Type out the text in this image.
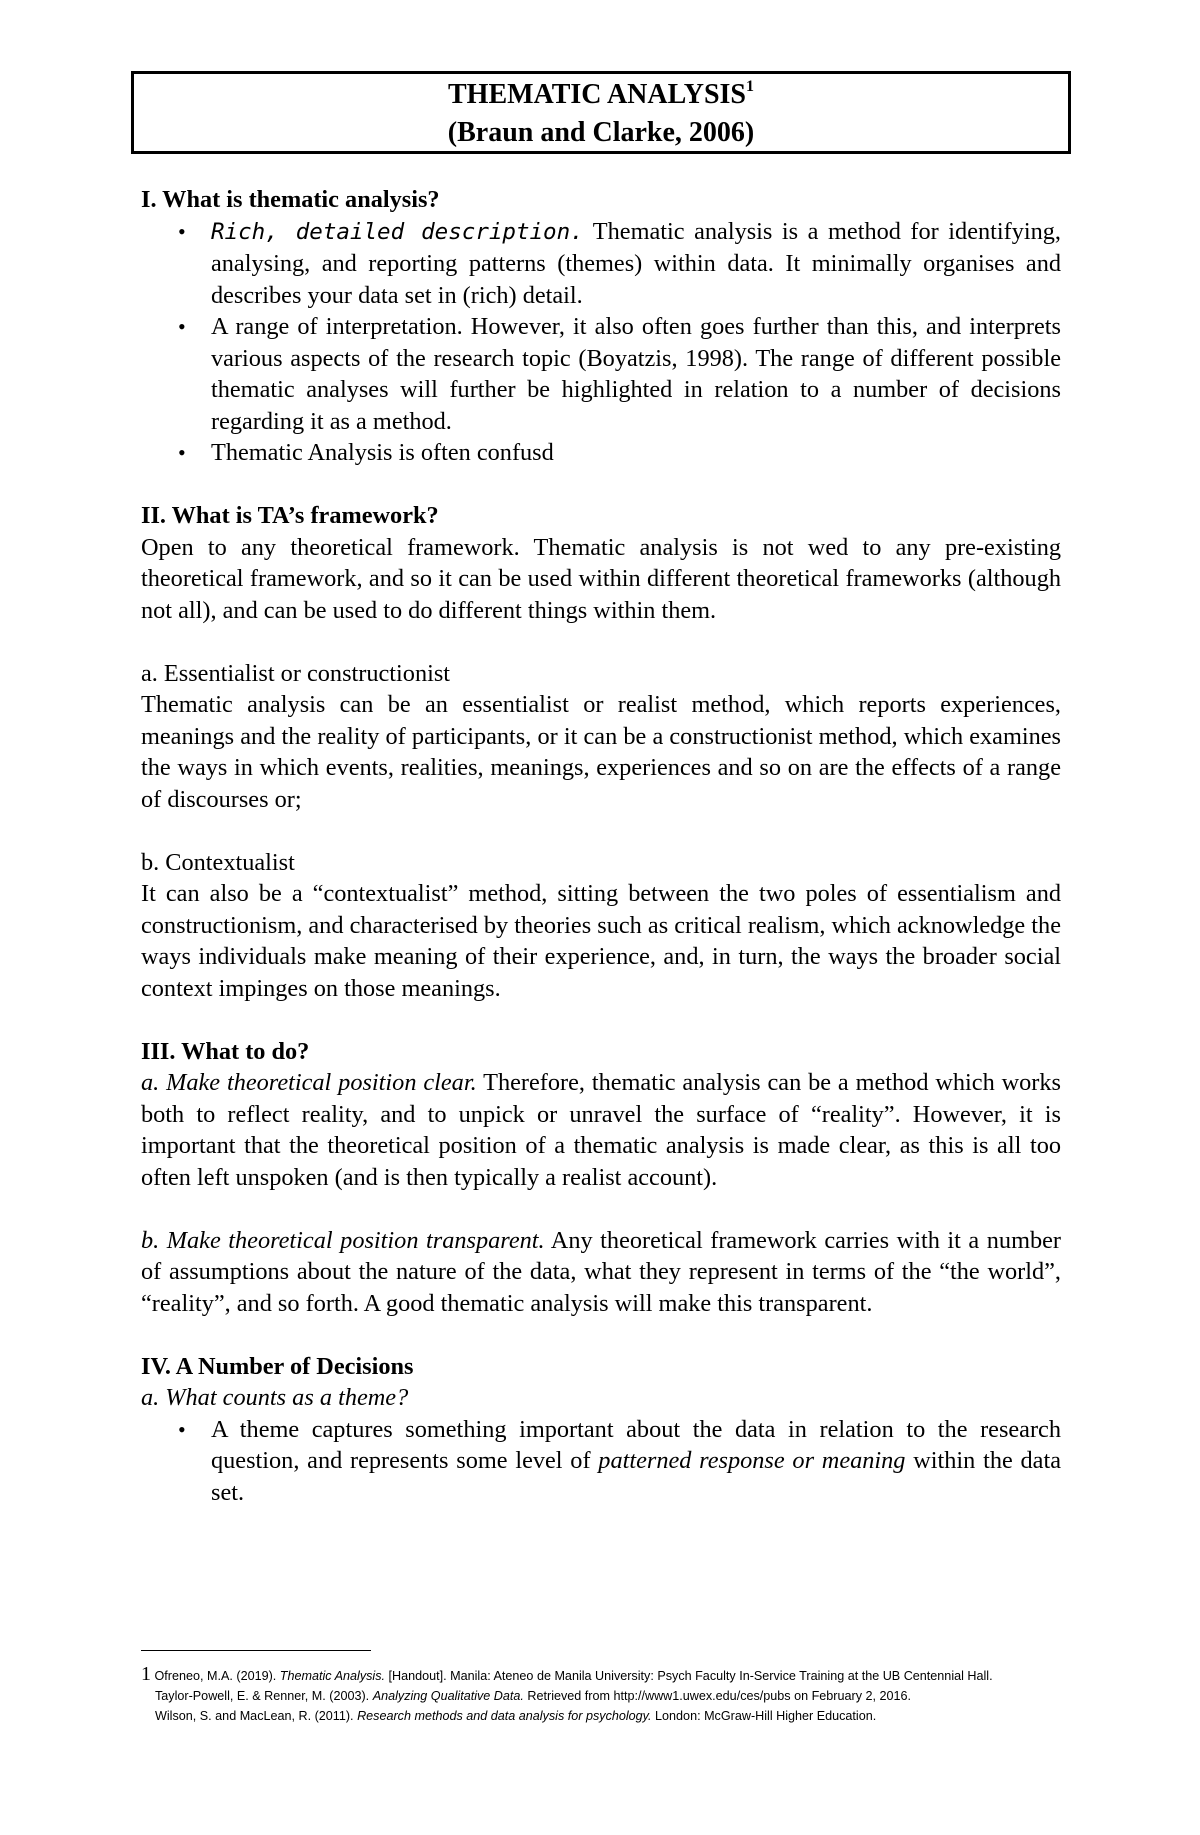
THEMATIC ANALYSIS$^1$
(Braun and Clarke, 2006)

I. What is thematic analysis?

• Rich, detailed description. Thematic analysis is a method for identifying, analysing, and reporting patterns (themes) within data. It minimally organises and describes your data set in (rich) detail.
• A range of interpretation. However, it also often goes further than this, and interprets various aspects of the research topic (Boyatzis, 1998). The range of different possible thematic analyses will further be highlighted in relation to a number of decisions regarding it as a method.
• Thematic Analysis is often confusd

II. What is TA’s framework?

Open to any theoretical framework. Thematic analysis is not wed to any pre-existing theoretical framework, and so it can be used within different theoretical frameworks (although not all), and can be used to do different things within them.

a. Essentialist or constructionist

Thematic analysis can be an essentialist or realist method, which reports experiences, meanings and the reality of participants, or it can be a constructionist method, which examines the ways in which events, realities, meanings, experiences and so on are the effects of a range of discourses or;

b. Contextualist

It can also be a “contextualist” method, sitting between the two poles of essentialism and constructionism, and characterised by theories such as critical realism, which acknowledge the ways individuals make meaning of their experience, and, in turn, the ways the broader social context impinges on those meanings.

III. What to do?

a. Make theoretical position clear. Therefore, thematic analysis can be a method which works both to reflect reality, and to unpick or unravel the surface of “reality”. However, it is important that the theoretical position of a thematic analysis is made clear, as this is all too often left unspoken (and is then typically a realist account).

b. Make theoretical position transparent. Any theoretical framework carries with it a number of assumptions about the nature of the data, what they represent in terms of the “the world”, “reality”, and so forth. A good thematic analysis will make this transparent.

IV. A Number of Decisions

a. What counts as a theme?

• A theme captures something important about the data in relation to the research question, and represents some level of patterned response or meaning within the data set.
1 Ofreneo, M.A. (2019). Thematic Analysis. [Handout]. Manila: Ateneo de Manila University: Psych Faculty In-Service Training at the UB Centennial Hall.
Taylor-Powell, E. & Renner, M. (2003). Analyzing Qualitative Data. Retrieved from http://www1.uwex.edu/ces/pubs on February 2, 2016.
Wilson, S. and MacLean, R. (2011). Research methods and data analysis for psychology. London: McGraw-Hill Higher Education.
